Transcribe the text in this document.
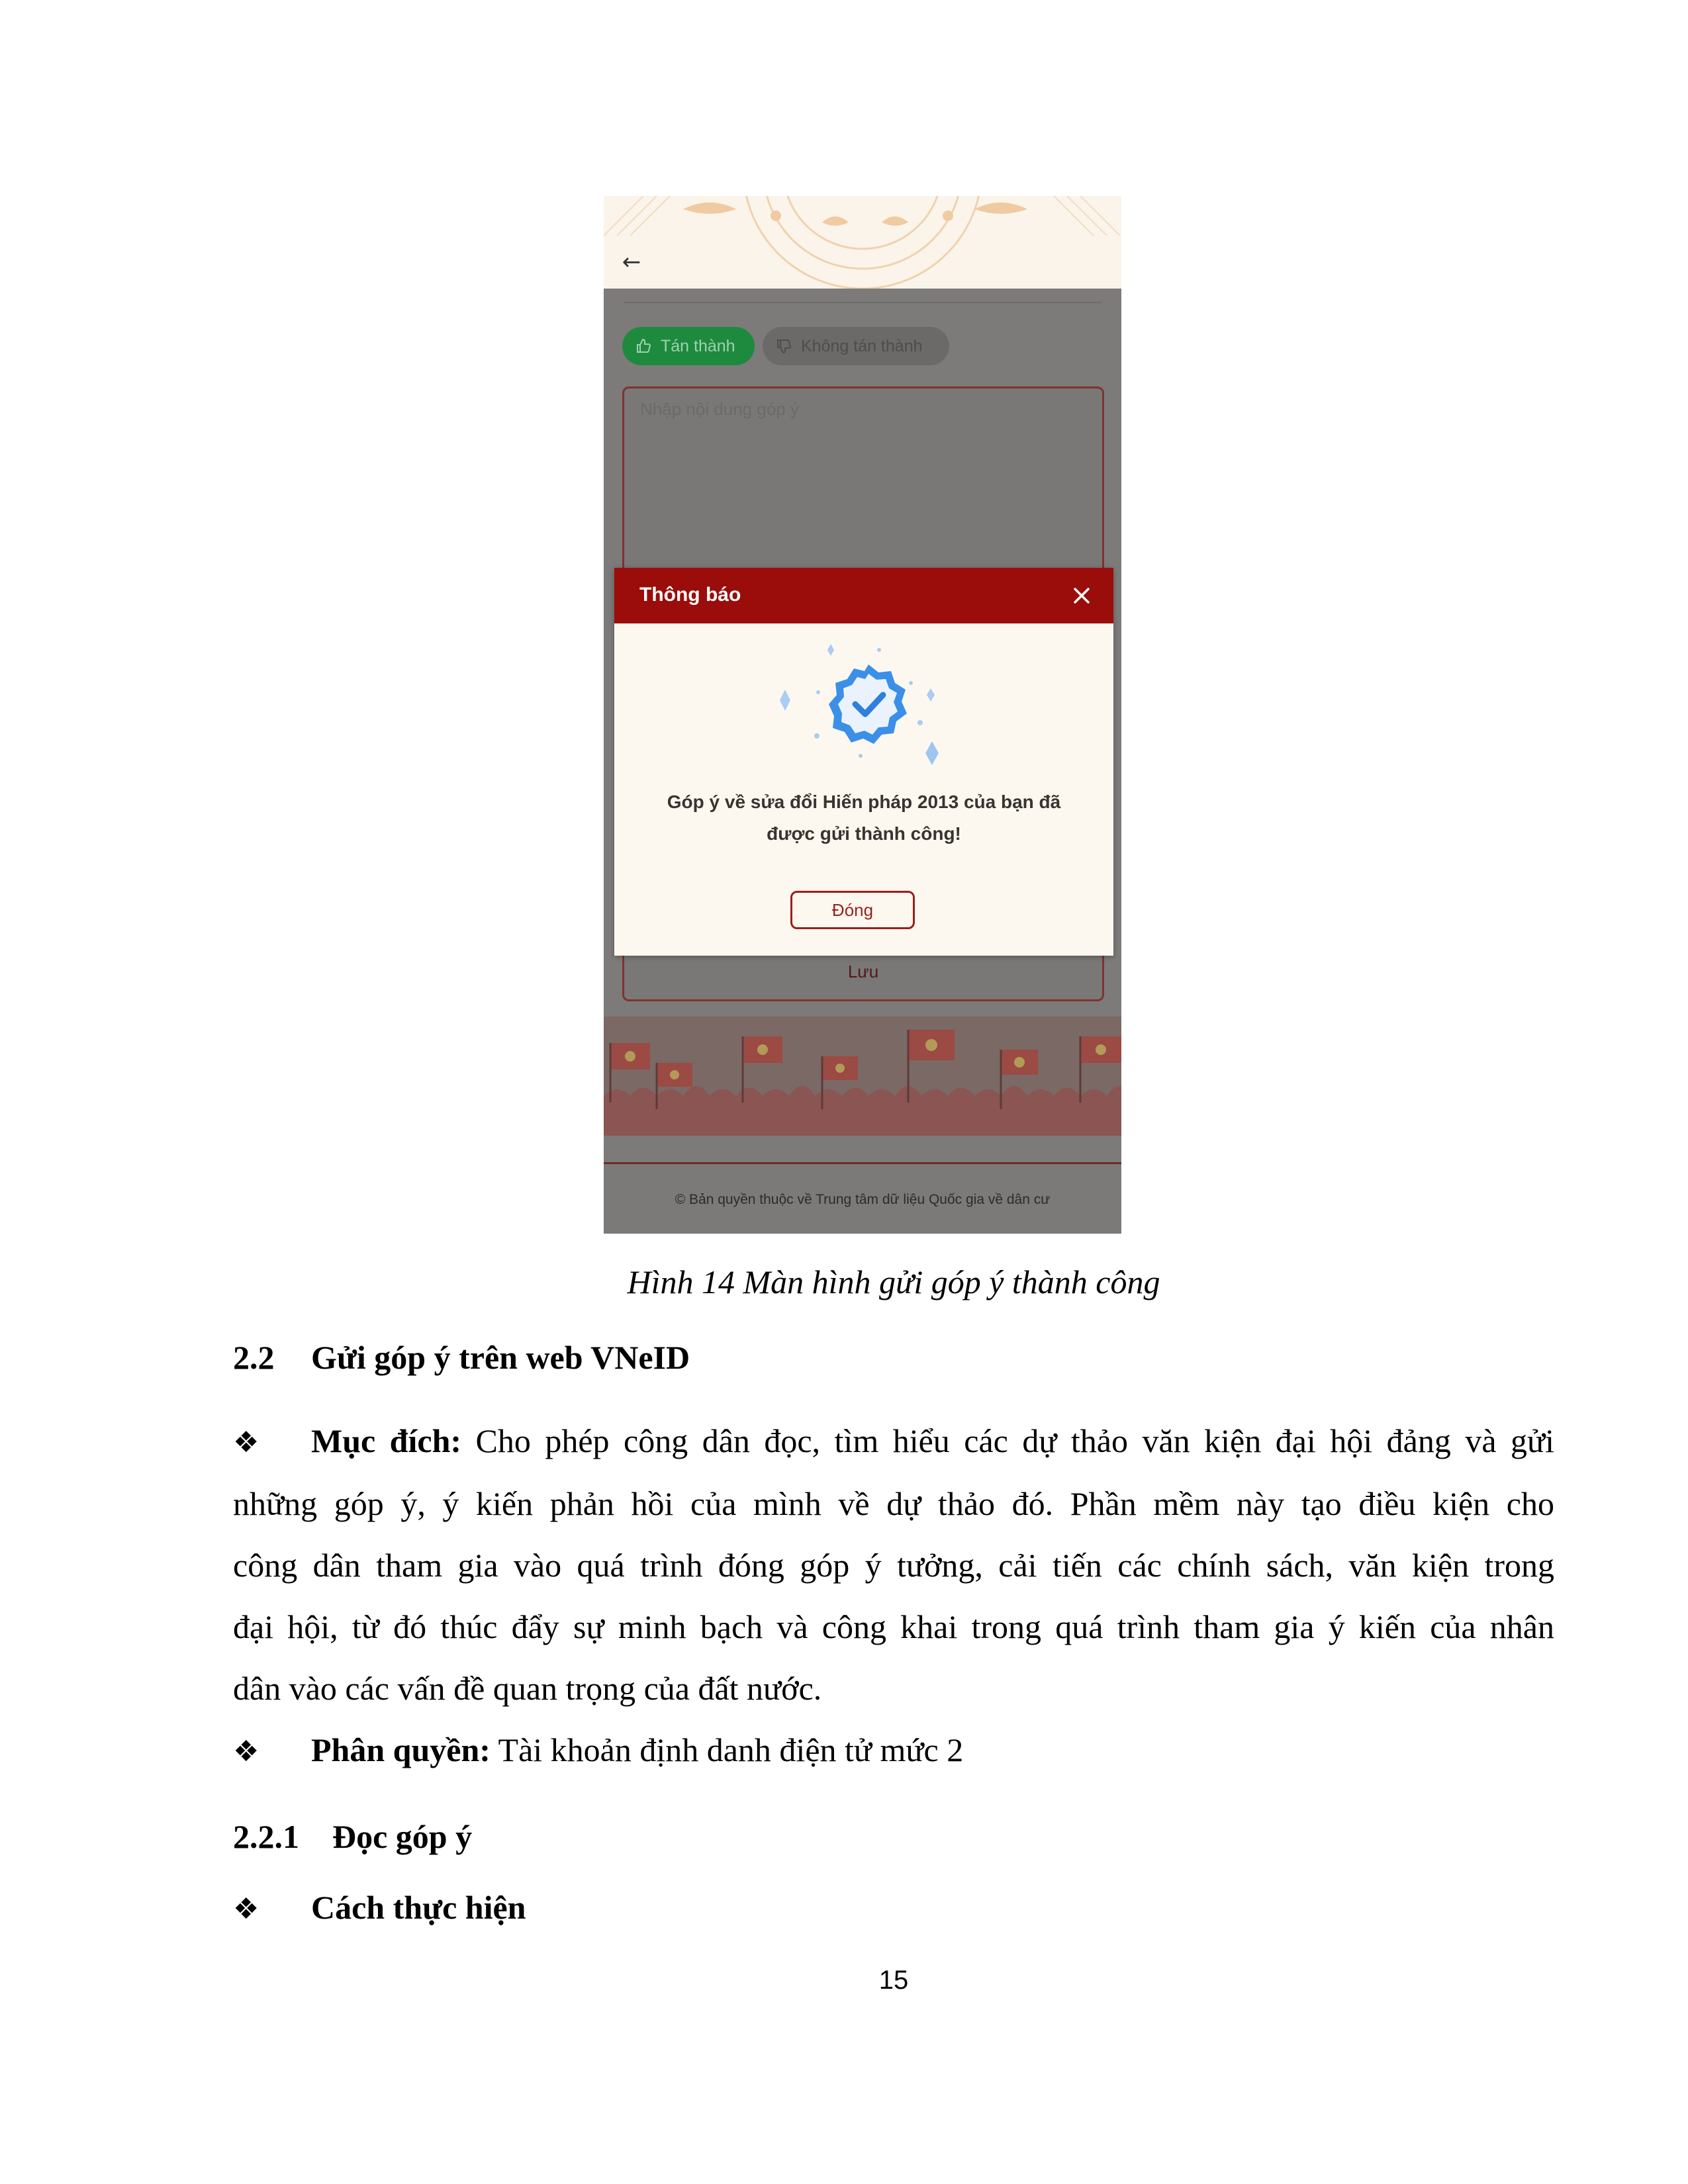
←
Tán thành	Không tán thành
Nhập nội dung góp ý
Lưu
© Bản quyền thuộc về Trung tâm dữ liệu Quốc gia về dân cư
Thông báo
Góp ý về sửa đổi Hiến pháp 2013 của bạn đã
được gửi thành công!
Đóng
Hình 14 Màn hình gửi góp ý thành công
2.2 Gửi góp ý trên web VNeID
❖ Mục đích: Cho phép công dân đọc, tìm hiểu các dự thảo văn kiện đại hội đảng và gửi
những góp ý, ý kiến phản hồi của mình về dự thảo đó. Phần mềm này tạo điều kiện cho
công dân tham gia vào quá trình đóng góp ý tưởng, cải tiến các chính sách, văn kiện trong
đại hội, từ đó thúc đẩy sự minh bạch và công khai trong quá trình tham gia ý kiến của nhân
dân vào các vấn đề quan trọng của đất nước.
❖ Phân quyền: Tài khoản định danh điện tử mức 2
2.2.1 Đọc góp ý
❖ Cách thực hiện
15
